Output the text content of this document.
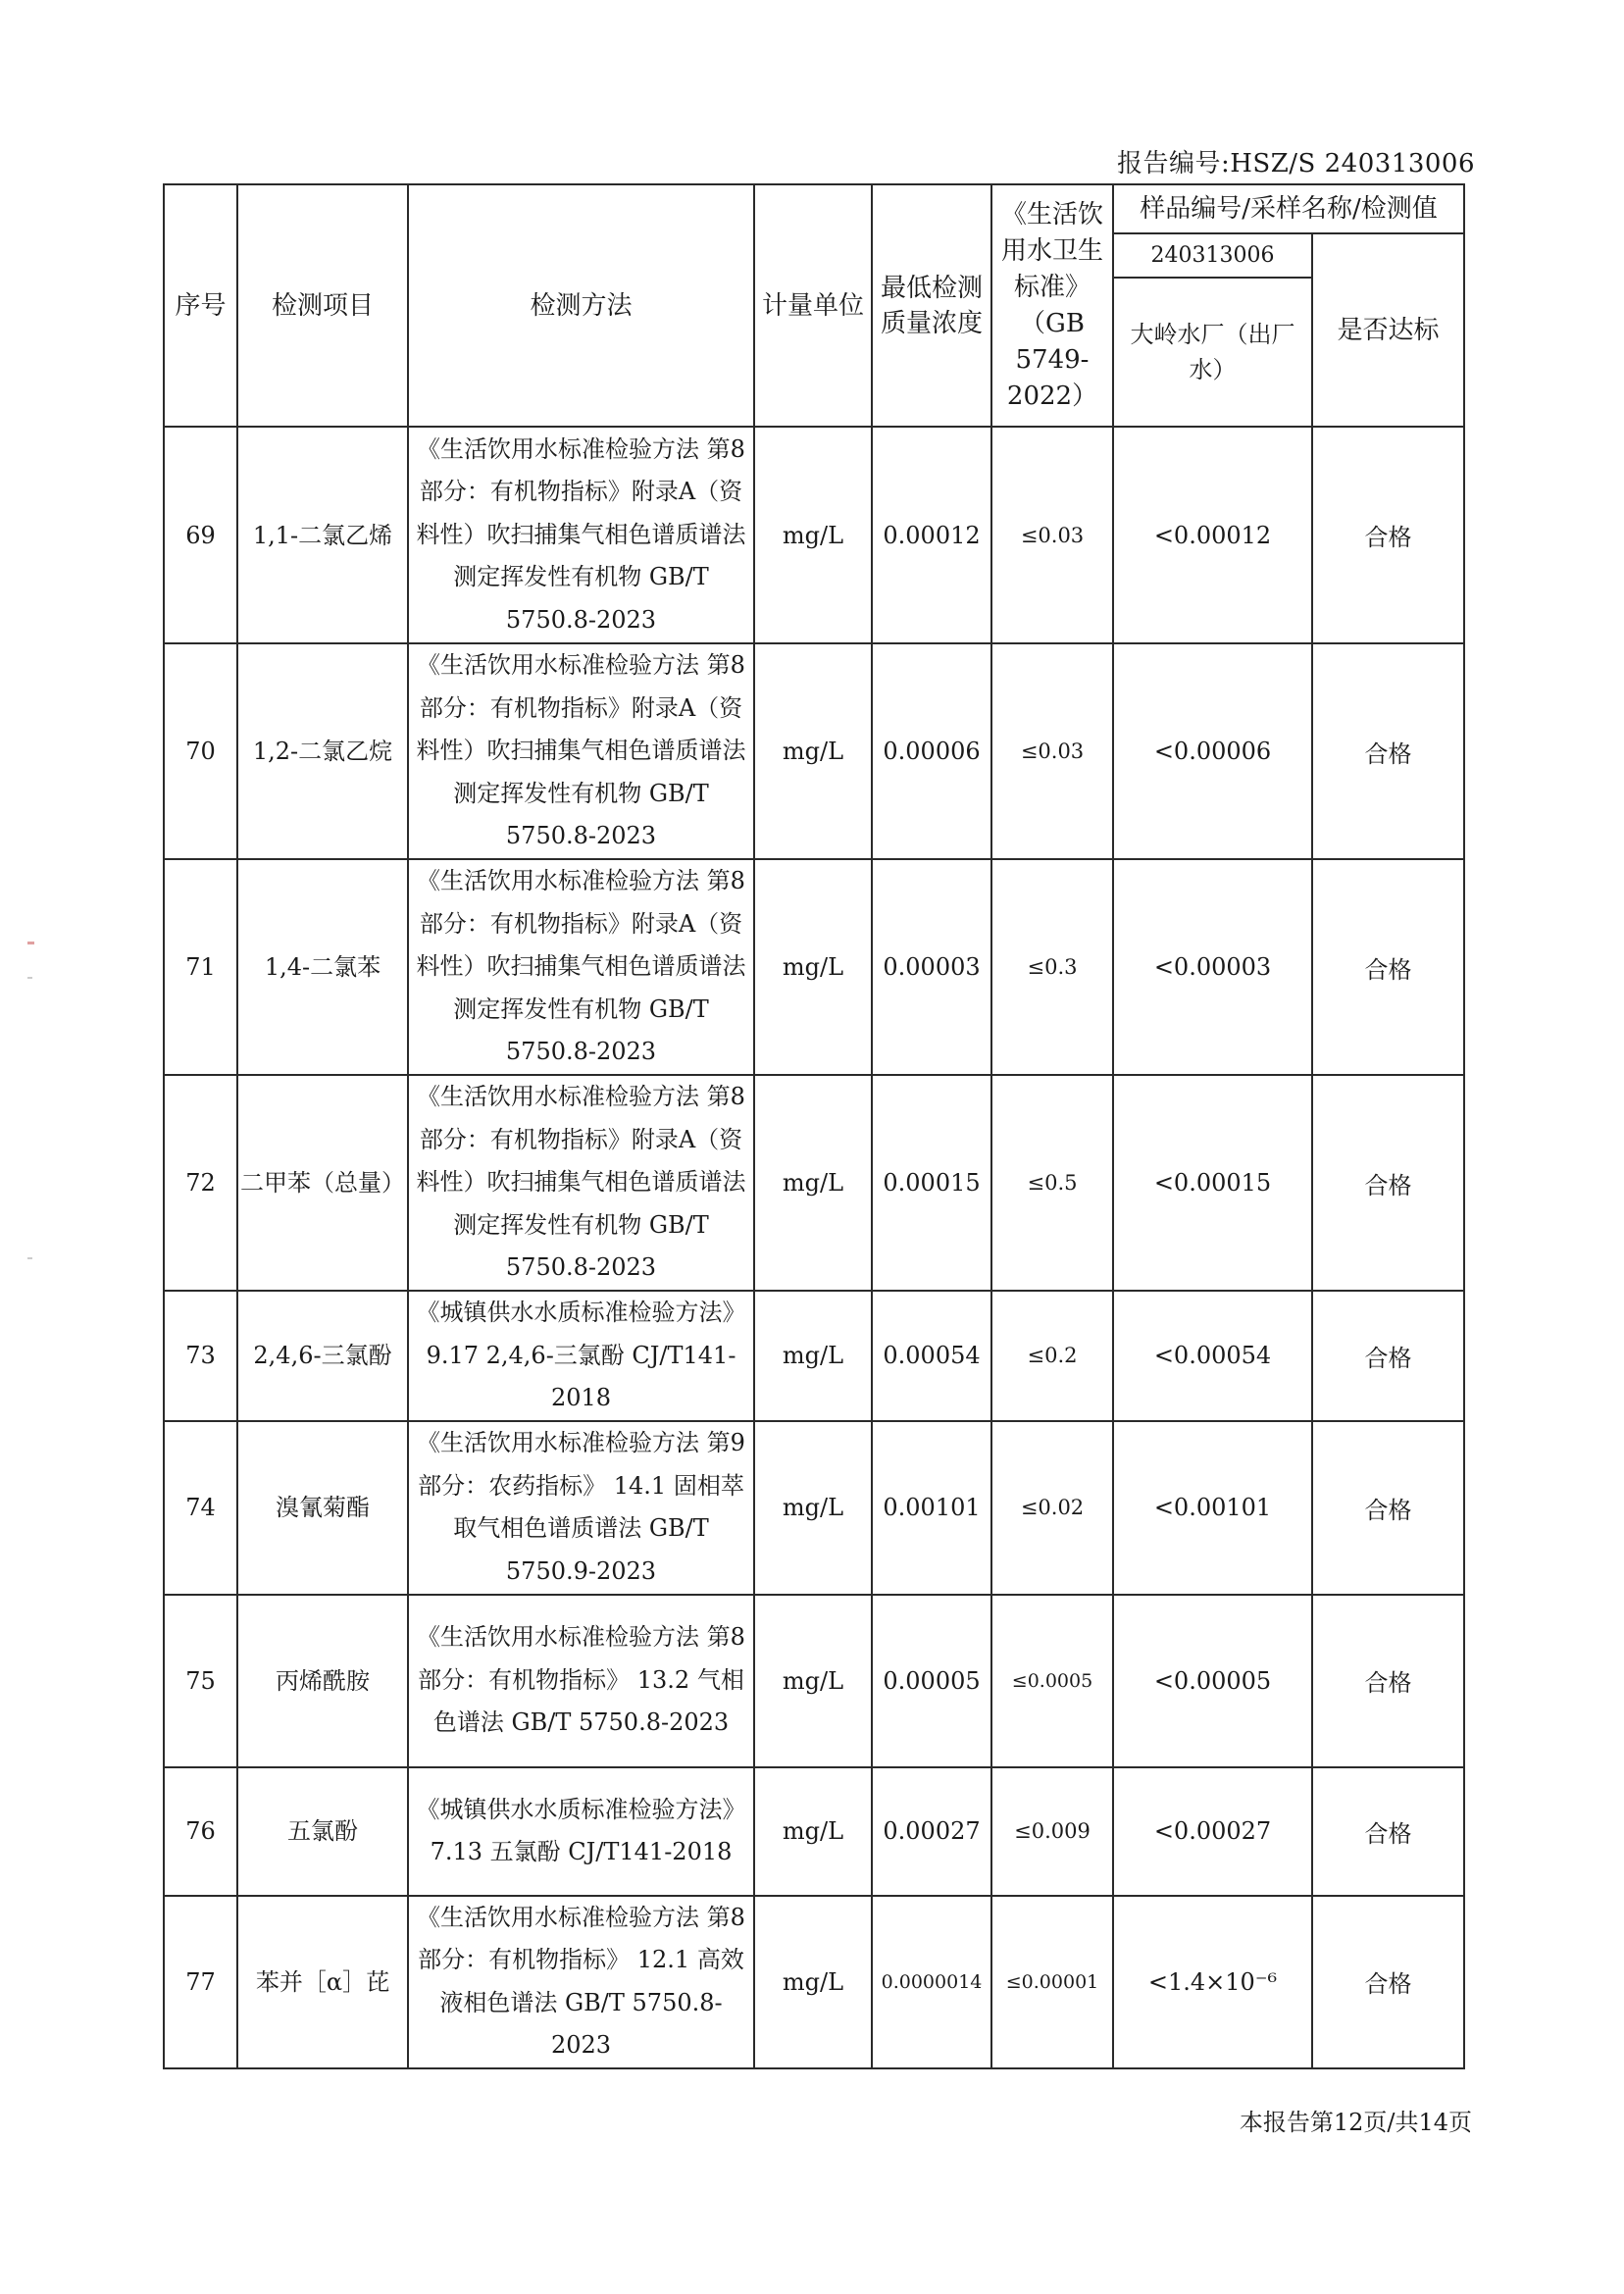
报告编号:HSZ/S 240313006
序号	检测项目	检测方法	计量单位	最低检测质量浓度	《生活饮用水卫生标准》（GB 5749-2022）	样品编号/采样名称/检测值	
						240313006	是否达标
						大岭水厂（出厂水）	
69	1,1-二氯乙烯	《生活饮用水标准检验方法 第8部分：有机物指标》附录A（资料性）吹扫捕集气相色谱质谱法测定挥发性有机物 GB/T 5750.8-2023	mg/L	0.00012	≤0.03	<0.00012	合格
70	1,2-二氯乙烷	《生活饮用水标准检验方法 第8部分：有机物指标》附录A（资料性）吹扫捕集气相色谱质谱法测定挥发性有机物 GB/T 5750.8-2023	mg/L	0.00006	≤0.03	<0.00006	合格
71	1,4-二氯苯	《生活饮用水标准检验方法 第8部分：有机物指标》附录A（资料性）吹扫捕集气相色谱质谱法测定挥发性有机物 GB/T 5750.8-2023	mg/L	0.00003	≤0.3	<0.00003	合格
72	二甲苯（总量）	《生活饮用水标准检验方法 第8部分：有机物指标》附录A（资料性）吹扫捕集气相色谱质谱法测定挥发性有机物 GB/T 5750.8-2023	mg/L	0.00015	≤0.5	<0.00015	合格
73	2,4,6-三氯酚	《城镇供水水质标准检验方法》9.17 2,4,6-三氯酚 CJ/T141-2018	mg/L	0.00054	≤0.2	<0.00054	合格
74	溴氰菊酯	《生活饮用水标准检验方法 第9部分：农药指标》 14.1 固相萃取气相色谱质谱法 GB/T 5750.9-2023	mg/L	0.00101	≤0.02	<0.00101	合格
75	丙烯酰胺	《生活饮用水标准检验方法 第8部分：有机物指标》 13.2 气相色谱法 GB/T 5750.8-2023	mg/L	0.00005	≤0.0005	<0.00005	合格
76	五氯酚	《城镇供水水质标准检验方法》7.13 五氯酚 CJ/T141-2018	mg/L	0.00027	≤0.009	<0.00027	合格
77	苯并［α］芘	《生活饮用水标准检验方法 第8部分：有机物指标》 12.1 高效液相色谱法 GB/T 5750.8-2023	mg/L	0.0000014	≤0.00001	<1.4×10⁻⁶	合格
本报告第12页/共14页
